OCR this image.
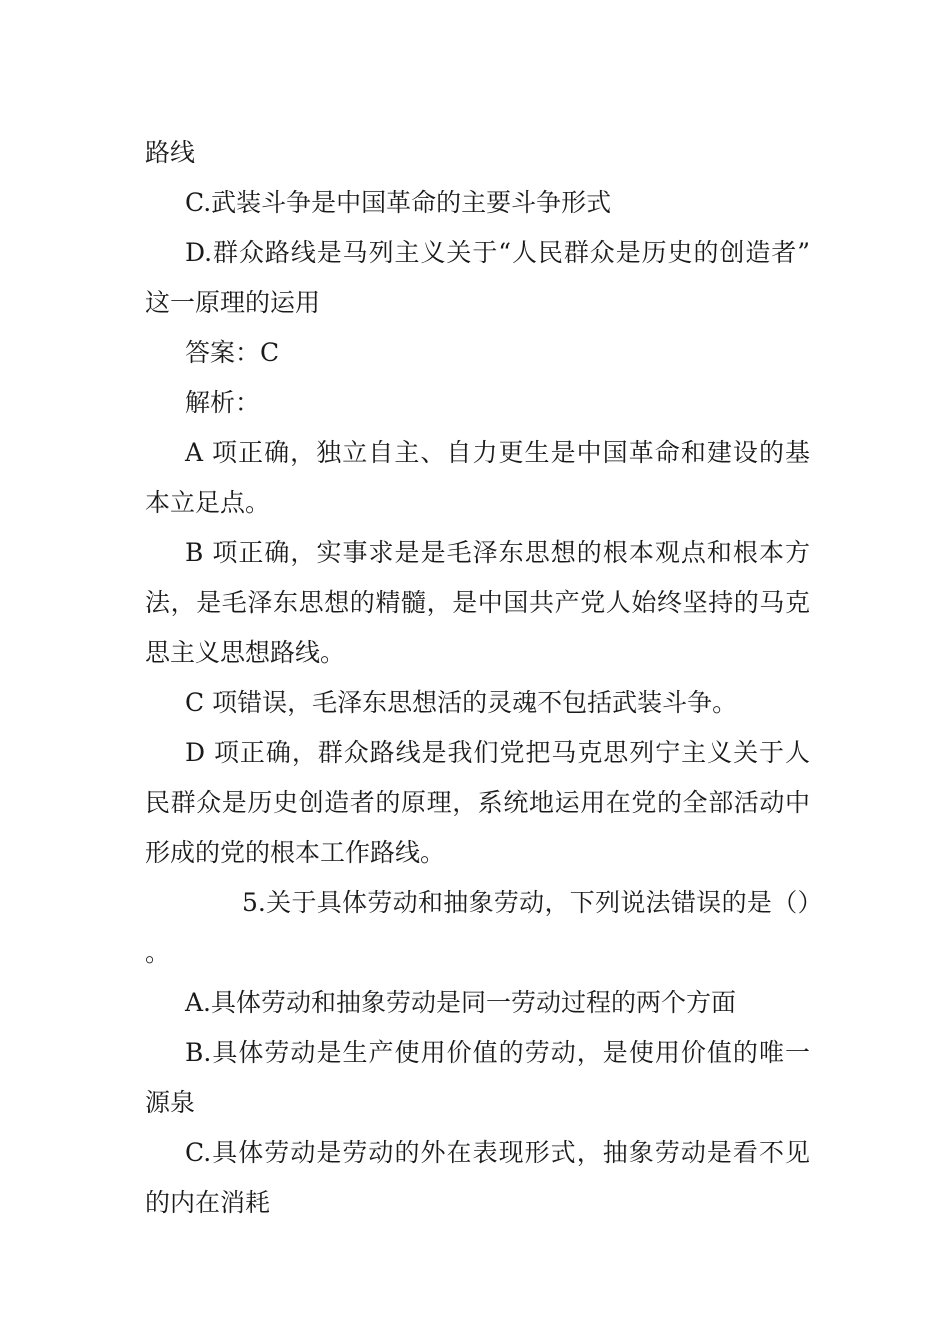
路线

C.武装斗争是中国革命的主要斗争形式

D.群众路线是马列主义关于“人民群众是历史的创造者”这一原理的运用

答案：C

解析：

A 项正确，独立自主、自力更生是中国革命和建设的基本立足点。

B 项正确，实事求是是毛泽东思想的根本观点和根本方法，是毛泽东思想的精髓，是中国共产党人始终坚持的马克思主义思想路线。

C 项错误，毛泽东思想活的灵魂不包括武装斗争。

D 项正确，群众路线是我们党把马克思列宁主义关于人民群众是历史创造者的原理，系统地运用在党的全部活动中形成的党的根本工作路线。

5.关于具体劳动和抽象劳动，下列说法错误的是（）。

A.具体劳动和抽象劳动是同一劳动过程的两个方面

B.具体劳动是生产使用价值的劳动，是使用价值的唯一源泉

C.具体劳动是劳动的外在表现形式，抽象劳动是看不见的内在消耗
